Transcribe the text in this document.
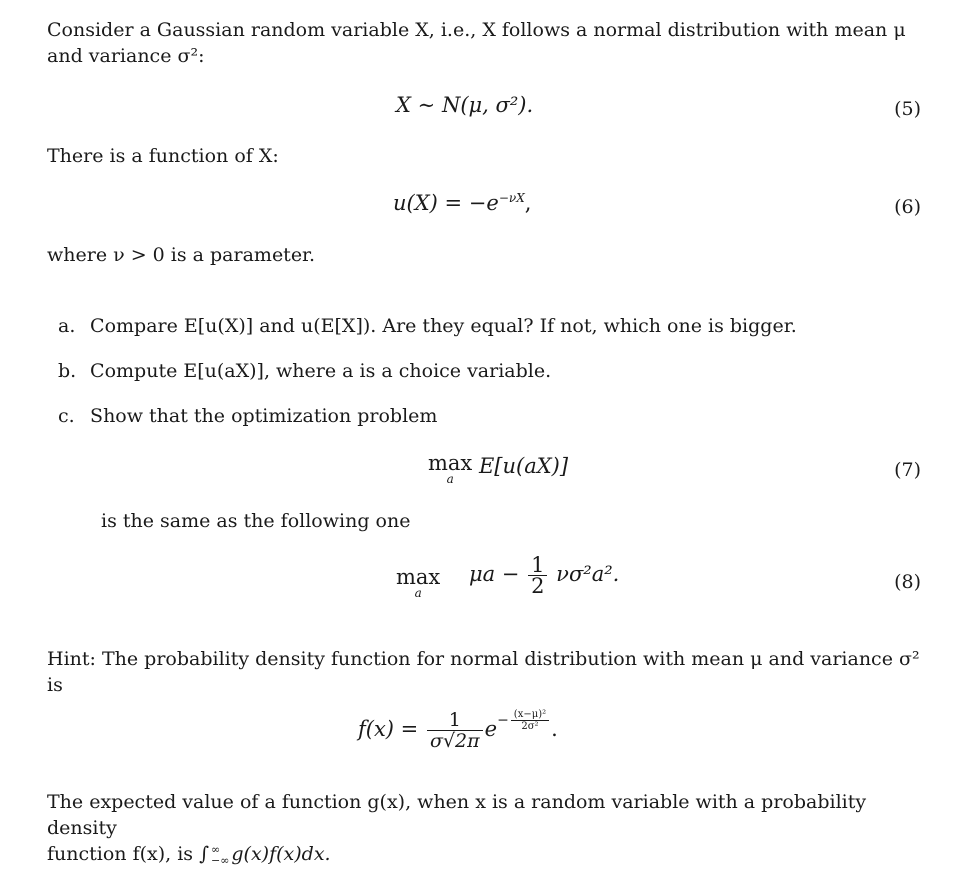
Consider a Gaussian random variable X, i.e., X follows a normal distribution with mean μ
and variance σ²:

X ∼ N(μ, σ²).	(5)

There is a function of X:

$u(X) = -e^{-\nu X}$,	(6)

where ν > 0 is a parameter.

a. Compare E[u(X)] and u(E[X]). Are they equal? If not, which one is bigger.

b. Compute E[u(aX)], where a is a choice variable.

c. Show that the optimization problem

max
a
E[u(aX)]	(7)

is the same as the following one

max
a
$\mu a - \frac{1}{2} \nu\sigma^2a^2$.	(8)

Hint: The probability density function for normal distribution with mean μ and variance σ²
is

$f(x) = \frac{1}{\sigma√2\pi} e- \frac{\text{(x−μ)²}}{\text{2σ²}}$ .

The expected value of a function g(x), when x is a random variable with a probability density
function f(x), is ∫ ∞
−∞ g(x)f(x)dx.
